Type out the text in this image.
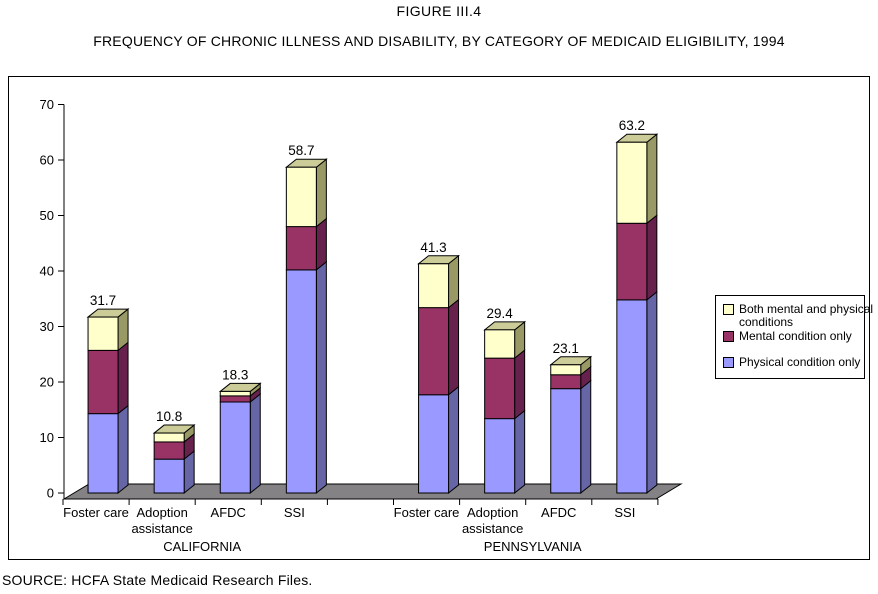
FIGURE III.4
FREQUENCY OF CHRONIC ILLNESS AND DISABILITY, BY CATEGORY OF MEDICAID ELIGIBILITY, 1994
0
10
20
30
40
50
60
70
31.7
Foster care
10.8
Adoption
assistance
18.3
AFDC
58.7
SSI
CALIFORNIA
41.3
Foster care
29.4
Adoption
assistance
23.1
AFDC
63.2
SSI
PENNSYLVANIA
Both mental and physical
conditions
Mental condition only
Physical condition only
SOURCE: HCFA State Medicaid Research Files.
